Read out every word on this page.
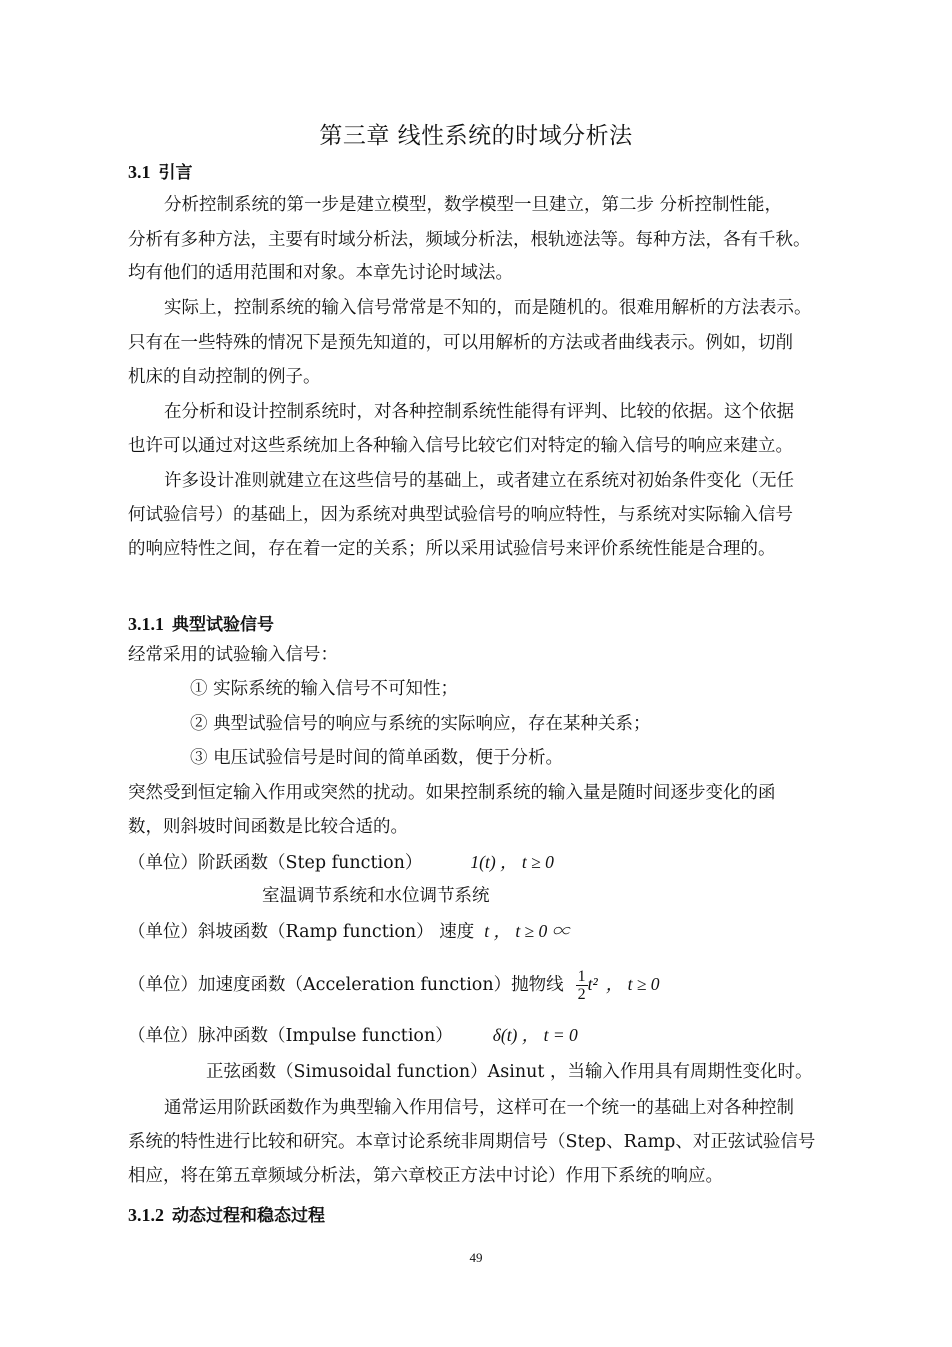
第三章 线性系统的时域分析法
3.1 引言
分析控制系统的第一步是建立模型，数学模型一旦建立，第二步 分析控制性能，
分析有多种方法，主要有时域分析法，频域分析法，根轨迹法等。每种方法，各有千秋。
均有他们的适用范围和对象。本章先讨论时域法。
实际上，控制系统的输入信号常常是不知的，而是随机的。很难用解析的方法表示。
只有在一些特殊的情况下是预先知道的，可以用解析的方法或者曲线表示。例如，切削
机床的自动控制的例子。
在分析和设计控制系统时，对各种控制系统性能得有评判、比较的依据。这个依据
也许可以通过对这些系统加上各种输入信号比较它们对特定的输入信号的响应来建立。
许多设计准则就建立在这些信号的基础上，或者建立在系统对初始条件变化（无任
何试验信号）的基础上，因为系统对典型试验信号的响应特性，与系统对实际输入信号
的响应特性之间，存在着一定的关系；所以采用试验信号来评价系统性能是合理的。
3.1.1 典型试验信号
经常采用的试验输入信号：
① 实际系统的输入信号不可知性；
② 典型试验信号的响应与系统的实际响应，存在某种关系；
③ 电压试验信号是时间的简单函数，便于分析。
突然受到恒定输入作用或突然的扰动。如果控制系统的输入量是随时间逐步变化的函
数，则斜坡时间函数是比较合适的。
（单位）阶跃函数（Step function）	1(t) ， t ≥ 0
室温调节系统和水位调节系统
（单位）斜坡函数（Ramp function） 速度 t ， t ≥ 0 ∝
（单位）加速度函数（Acceleration function）抛物线 $\frac{1}{2} t^2$ ， t ≥ 0
（单位）脉冲函数（Impulse function） δ(t) ， t = 0
正弦函数（Simusoidal function）Asinut ，当输入作用具有周期性变化时。
通常运用阶跃函数作为典型输入作用信号，这样可在一个统一的基础上对各种控制
系统的特性进行比较和研究。本章讨论系统非周期信号（Step、Ramp、对正弦试验信号
相应，将在第五章频域分析法，第六章校正方法中讨论）作用下系统的响应。
3.1.2 动态过程和稳态过程
49
